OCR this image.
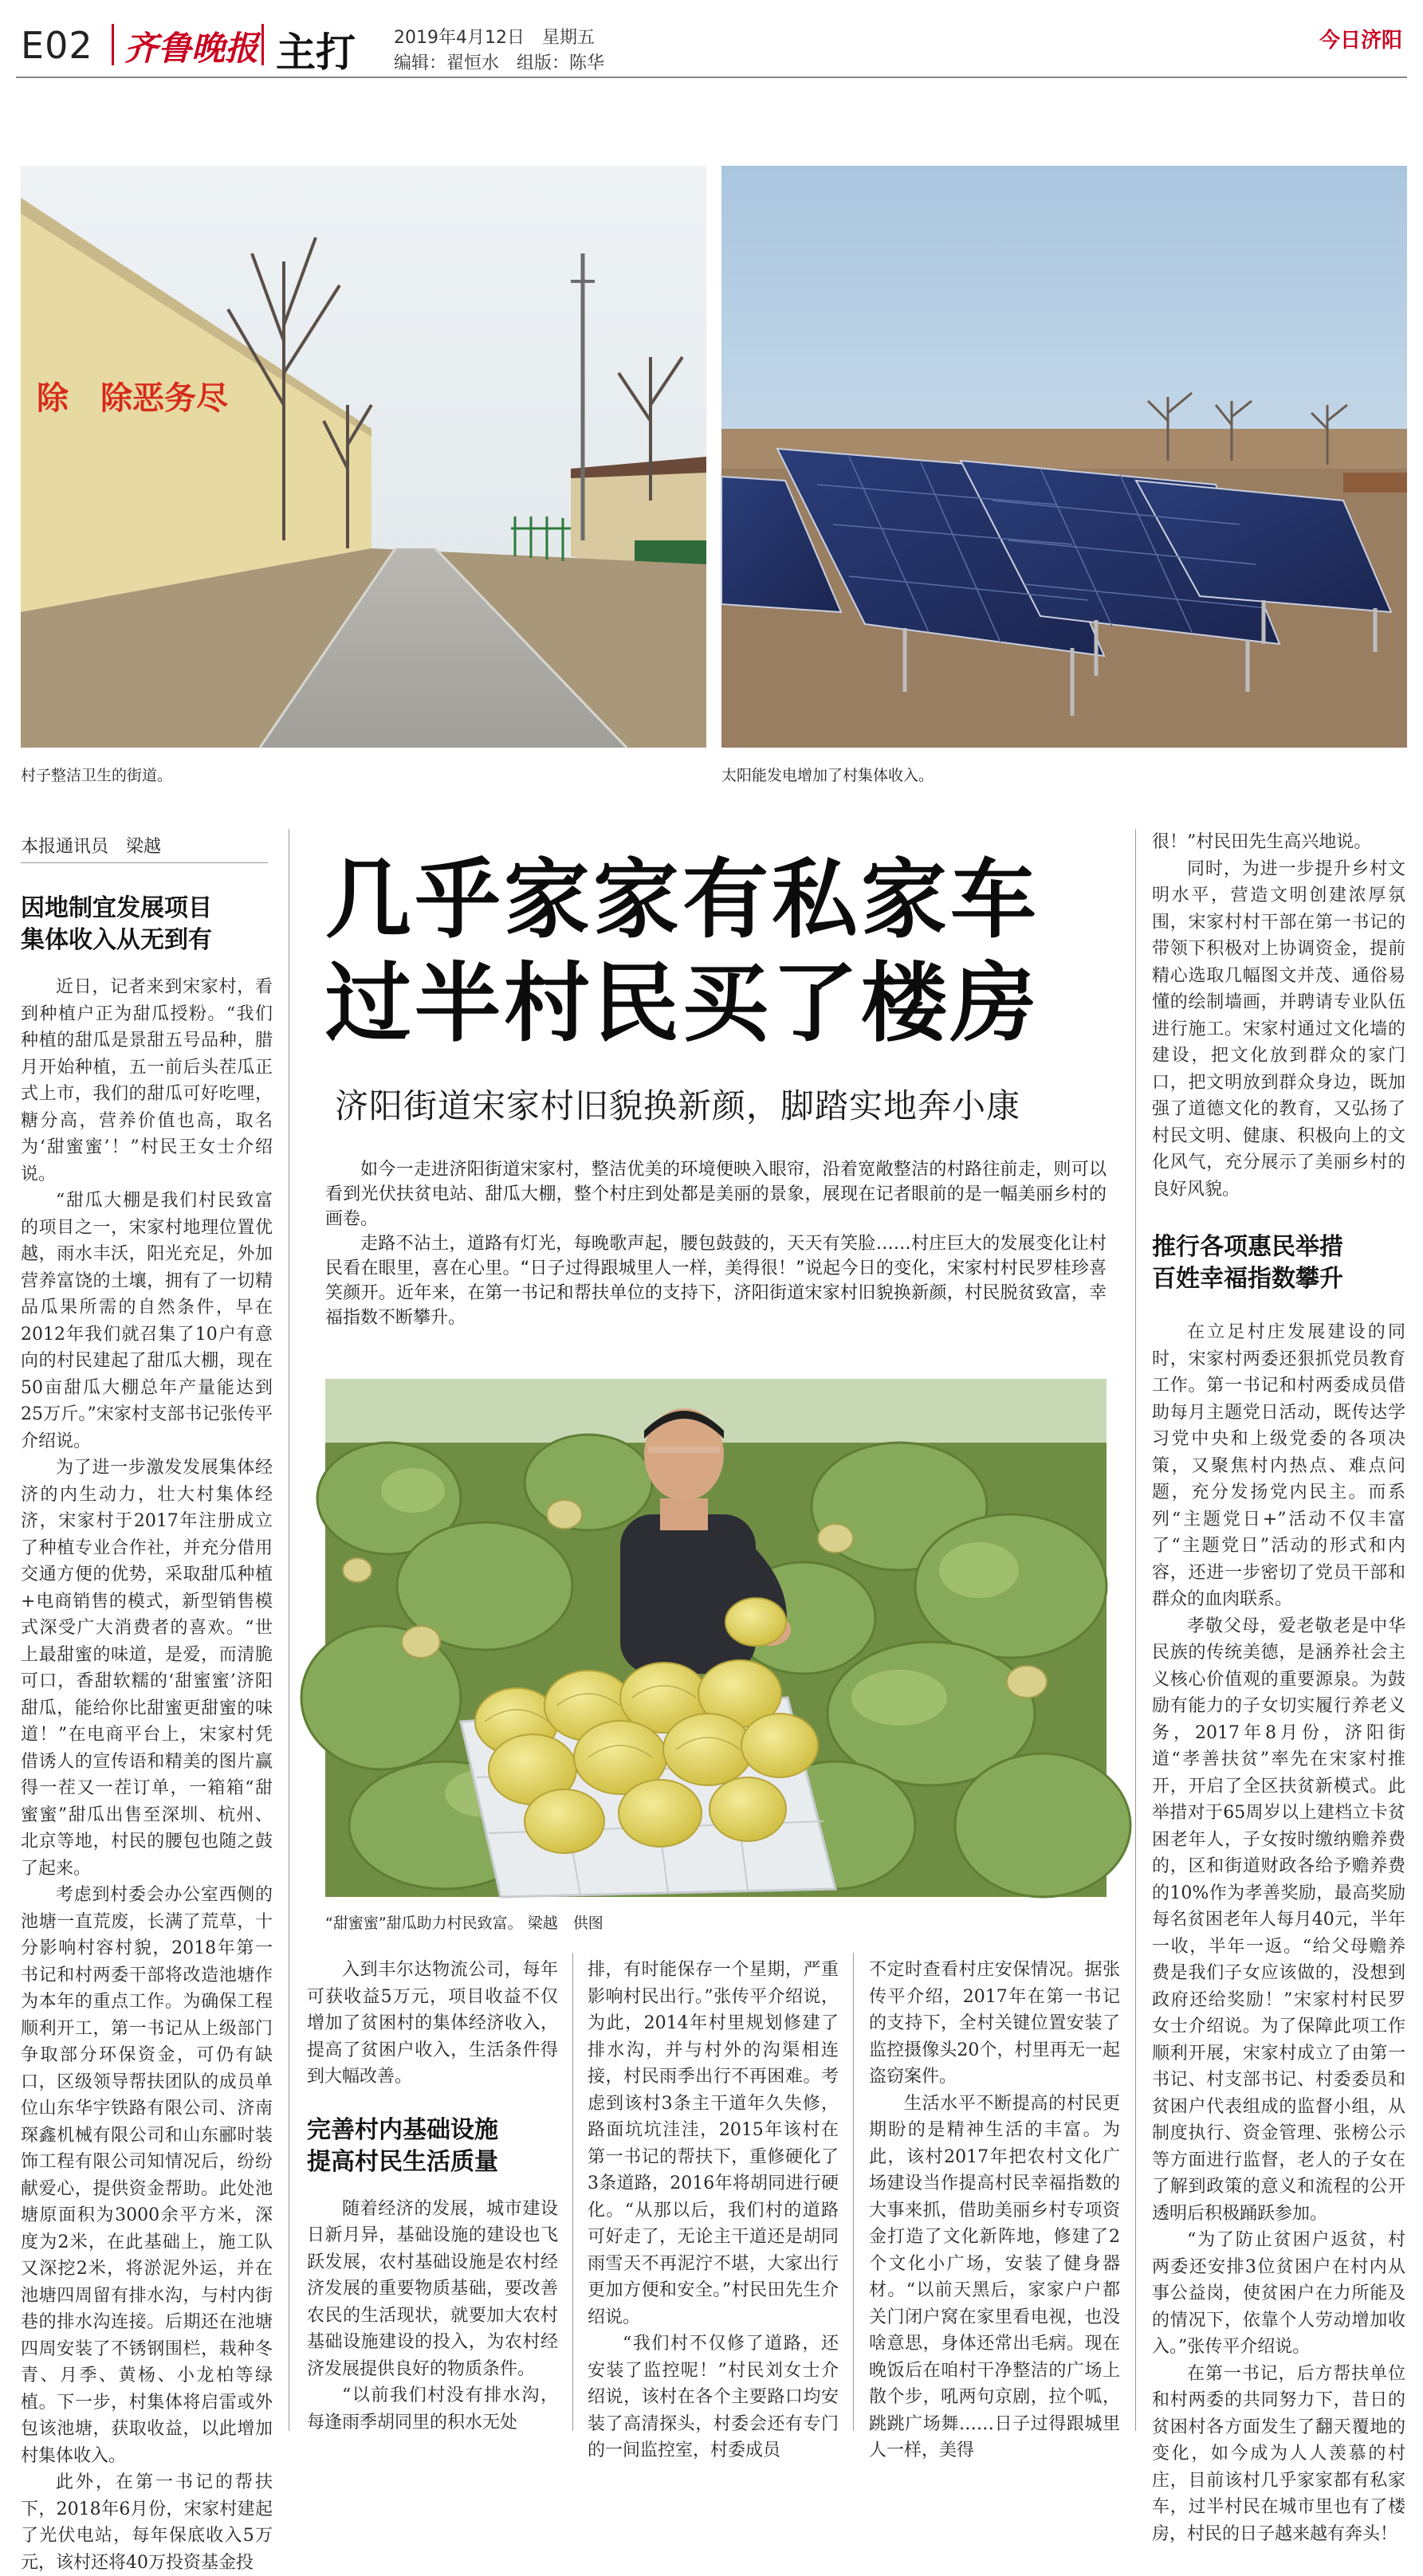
E02 齐鲁晚报 主打 2019年4月12日　星期五
编辑：翟恒水　组版：陈华
今日济阳
除　除恶务尽
村子整洁卫生的街道。	太阳能发电增加了村集体收入。
本报通讯员　梁越
因地制宜发展项目
集体收入从无到有

近日，记者来到宋家村，看到种植户正为甜瓜授粉。“我们种植的甜瓜是景甜五号品种，腊月开始种植，五一前后头茬瓜正式上市，我们的甜瓜可好吃哩，糖分高，营养价值也高，取名为‘甜蜜蜜’！”村民王女士介绍说。

“甜瓜大棚是我们村民致富的项目之一，宋家村地理位置优越，雨水丰沃，阳光充足，外加营养富饶的土壤，拥有了一切精品瓜果所需的自然条件，早在2012年我们就召集了10户有意向的村民建起了甜瓜大棚，现在50亩甜瓜大棚总年产量能达到25万斤。”宋家村支部书记张传平介绍说。

为了进一步激发发展集体经济的内生动力，壮大村集体经济，宋家村于2017年注册成立了种植专业合作社，并充分借用交通方便的优势，采取甜瓜种植+电商销售的模式，新型销售模式深受广大消费者的喜欢。“世上最甜蜜的味道，是爱，而清脆可口，香甜软糯的‘甜蜜蜜’济阳甜瓜，能给你比甜蜜更甜蜜的味道！”在电商平台上，宋家村凭借诱人的宣传语和精美的图片赢得一茬又一茬订单，一箱箱“甜蜜蜜”甜瓜出售至深圳、杭州、北京等地，村民的腰包也随之鼓了起来。

考虑到村委会办公室西侧的池塘一直荒废，长满了荒草，十分影响村容村貌，2018年第一书记和村两委干部将改造池塘作为本年的重点工作。为确保工程顺利开工，第一书记从上级部门争取部分环保资金，可仍有缺口，区级领导帮扶团队的成员单位山东华宇铁路有限公司、济南琛鑫机械有限公司和山东郦时装饰工程有限公司知情况后，纷纷献爱心，提供资金帮助。此处池塘原面积为3000余平方米，深度为2米，在此基础上，施工队又深挖2米，将淤泥外运，并在池塘四周留有排水沟，与村内街巷的排水沟连接。后期还在池塘四周安装了不锈钢围栏，栽种冬青、月季、黄杨、小龙柏等绿植。下一步，村集体将启雷或外包该池塘，获取收益，以此增加村集体收入。

此外，在第一书记的帮扶下，2018年6月份，宋家村建起了光伏电站，每年保底收入5万元，该村还将40万投资基金投

几乎家家有私家车
过半村民买了楼房
济阳街道宋家村旧貌换新颜，脚踏实地奔小康

如今一走进济阳街道宋家村，整洁优美的环境便映入眼帘，沿着宽敞整洁的村路往前走，则可以看到光伏扶贫电站、甜瓜大棚，整个村庄到处都是美丽的景象，展现在记者眼前的是一幅美丽乡村的画卷。

走路不沾土，道路有灯光，每晚歌声起，腰包鼓鼓的，天天有笑脸……村庄巨大的发展变化让村民看在眼里，喜在心里。“日子过得跟城里人一样，美得很！”说起今日的变化，宋家村村民罗桂珍喜笑颜开。近年来，在第一书记和帮扶单位的支持下，济阳街道宋家村旧貌换新颜，村民脱贫致富，幸福指数不断攀升。

“甜蜜蜜”甜瓜助力村民致富。 梁越　供图

入到丰尔达物流公司，每年可获收益5万元，项目收益不仅增加了贫困村的集体经济收入，提高了贫困户收入，生活条件得到大幅改善。

完善村内基础设施
提高村民生活质量

随着经济的发展，城市建设日新月异，基础设施的建设也飞跃发展，农村基础设施是农村经济发展的重要物质基础，要改善农民的生活现状，就要加大农村基础设施建设的投入，为农村经济发展提供良好的物质条件。

“以前我们村没有排水沟，每逢雨季胡同里的积水无处

排，有时能保存一个星期，严重影响村民出行。”张传平介绍说，为此，2014年村里规划修建了排水沟，并与村外的沟渠相连接，村民雨季出行不再困难。考虑到该村3条主干道年久失修，路面坑坑洼洼，2015年该村在第一书记的帮扶下，重修硬化了3条道路，2016年将胡同进行硬化。“从那以后，我们村的道路可好走了，无论主干道还是胡同雨雪天不再泥泞不堪，大家出行更加方便和安全。”村民田先生介绍说。

“我们村不仅修了道路，还安装了监控呢！”村民刘女士介绍说，该村在各个主要路口均安装了高清探头，村委会还有专门的一间监控室，村委成员

不定时查看村庄安保情况。据张传平介绍，2017年在第一书记的支持下，全村关键位置安装了监控摄像头20个，村里再无一起盗窃案件。

生活水平不断提高的村民更期盼的是精神生活的丰富。为此，该村2017年把农村文化广场建设当作提高村民幸福指数的大事来抓，借助美丽乡村专项资金打造了文化新阵地，修建了2个文化小广场，安装了健身器材。“以前天黑后，家家户户都关门闭户窝在家里看电视，也没啥意思，身体还常出毛病。现在晚饭后在咱村干净整洁的广场上散个步，吼两句京剧，拉个呱，跳跳广场舞……日子过得跟城里人一样，美得

很！”村民田先生高兴地说。

同时，为进一步提升乡村文明水平，营造文明创建浓厚氛围，宋家村村干部在第一书记的带领下积极对上协调资金，提前精心选取几幅图文并茂、通俗易懂的绘制墙画，并聘请专业队伍进行施工。宋家村通过文化墙的建设，把文化放到群众的家门口，把文明放到群众身边，既加强了道德文化的教育，又弘扬了村民文明、健康、积极向上的文化风气，充分展示了美丽乡村的良好风貌。

推行各项惠民举措
百姓幸福指数攀升

在立足村庄发展建设的同时，宋家村两委还狠抓党员教育工作。第一书记和村两委成员借助每月主题党日活动，既传达学习党中央和上级党委的各项决策，又聚焦村内热点、难点问题，充分发扬党内民主。而系列“主题党日+”活动不仅丰富了“主题党日”活动的形式和内容，还进一步密切了党员干部和群众的血肉联系。

孝敬父母，爱老敬老是中华民族的传统美德，是涵养社会主义核心价值观的重要源泉。为鼓励有能力的子女切实履行养老义务，2017年8月份，济阳街道“孝善扶贫”率先在宋家村推开，开启了全区扶贫新模式。此举措对于65周岁以上建档立卡贫困老年人，子女按时缴纳赡养费的，区和街道财政各给予赡养费的10%作为孝善奖励，最高奖励每名贫困老年人每月40元，半年一收，半年一返。“给父母赡养费是我们子女应该做的，没想到政府还给奖励！”宋家村村民罗女士介绍说。为了保障此项工作顺利开展，宋家村成立了由第一书记、村支部书记、村委委员和贫困户代表组成的监督小组，从制度执行、资金管理、张榜公示等方面进行监督，老人的子女在了解到政策的意义和流程的公开透明后积极踊跃参加。

“为了防止贫困户返贫，村两委还安排3位贫困户在村内从事公益岗，使贫困户在力所能及的情况下，依靠个人劳动增加收入。”张传平介绍说。

在第一书记，后方帮扶单位和村两委的共同努力下，昔日的贫困村各方面发生了翻天覆地的变化，如今成为人人羡慕的村庄，目前该村几乎家家都有私家车，过半村民在城市里也有了楼房，村民的日子越来越有奔头！
